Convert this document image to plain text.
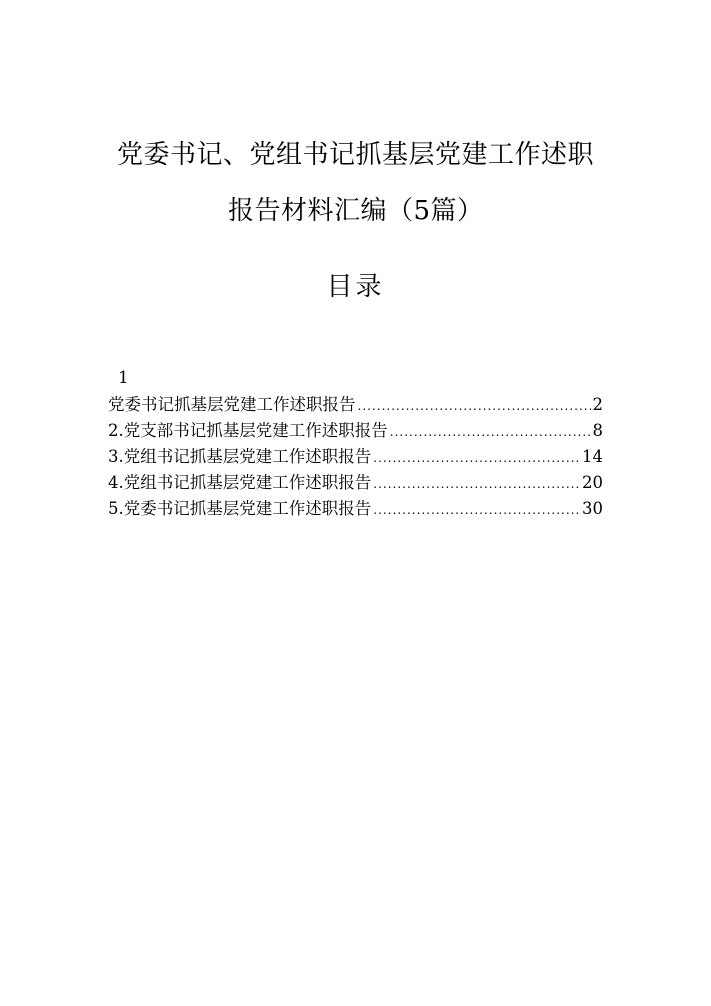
党委书记、党组书记抓基层党建工作述职
报告材料汇编（5篇）
目录
1
党委书记抓基层党建工作述职报告 .....	2
2.党支部书记抓基层党建工作述职报告 .....	8
3.党组书记抓基层党建工作述职报告 .....	14
4.党组书记抓基层党建工作述职报告 .....	20
5.党委书记抓基层党建工作述职报告 .....	30
